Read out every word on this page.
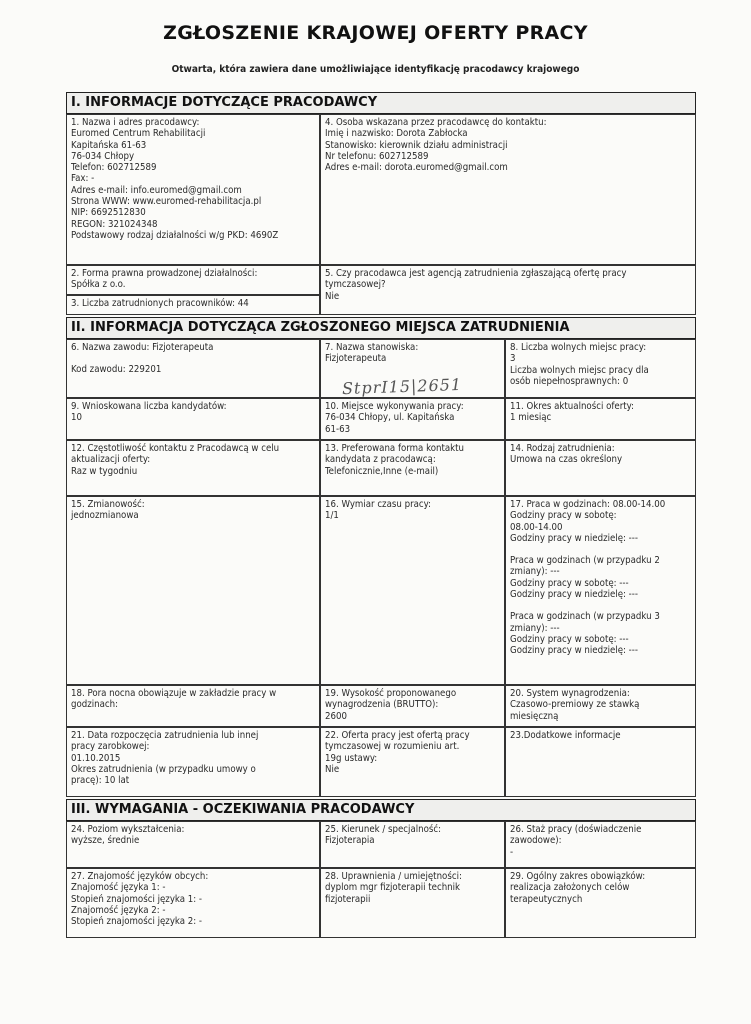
ZGŁOSZENIE KRAJOWEJ OFERTY PRACY
Otwarta, która zawiera dane umożliwiające identyfikację pracodawcy krajowego
I. INFORMACJE DOTYCZĄCE PRACODAWCY
1. Nazwa i adres pracodawcy:
Euromed Centrum Rehabilitacji
Kapitańska 61-63
76-034 Chłopy
Telefon: 602712589
Fax: -
Adres e-mail: info.euromed@gmail.com
Strona WWW: www.euromed-rehabilitacja.pl
NIP: 6692512830
REGON: 321024348
Podstawowy rodzaj działalności w/g PKD: 4690Z
4. Osoba wskazana przez pracodawcę do kontaktu:
Imię i nazwisko: Dorota Zabłocka
Stanowisko: kierownik działu administracji
Nr telefonu: 602712589
Adres e-mail: dorota.euromed@gmail.com
2. Forma prawna prowadzonej działalności:
Spółka z o.o.
3. Liczba zatrudnionych pracowników: 44
5. Czy pracodawca jest agencją zatrudnienia zgłaszającą ofertę pracy
tymczasowej?
Nie
II. INFORMACJA DOTYCZĄCA ZGŁOSZONEGO MIEJSCA ZATRUDNIENIA
6. Nazwa zawodu: Fizjoterapeuta
Kod zawodu: 229201
7. Nazwa stanowiska:
Fizjoterapeuta
8. Liczba wolnych miejsc pracy:
3
Liczba wolnych miejsc pracy dla
osób niepełnosprawnych: 0
9. Wnioskowana liczba kandydatów:
10
10. Miejsce wykonywania pracy:
76-034 Chłopy, ul. Kapitańska
61-63
11. Okres aktualności oferty:
1 miesiąc
12. Częstotliwość kontaktu z Pracodawcą w celu
aktualizacji oferty:
Raz w tygodniu
13. Preferowana forma kontaktu
kandydata z pracodawcą:
Telefonicznie,Inne (e-mail)
14. Rodzaj zatrudnienia:
Umowa na czas określony
15. Zmianowość:
jednozmianowa
16. Wymiar czasu pracy:
1/1
17. Praca w godzinach: 08.00-14.00
Godziny pracy w sobotę:
08.00-14.00
Godziny pracy w niedzielę: ---
Praca w godzinach (w przypadku 2
zmiany): ---
Godziny pracy w sobotę: ---
Godziny pracy w niedzielę: ---
Praca w godzinach (w przypadku 3
zmiany): ---
Godziny pracy w sobotę: ---
Godziny pracy w niedzielę: ---
18. Pora nocna obowiązuje w zakładzie pracy w
godzinach:
19. Wysokość proponowanego
wynagrodzenia (BRUTTO):
2600
20. System wynagrodzenia:
Czasowo-premiowy ze stawką
miesięczną
21. Data rozpoczęcia zatrudnienia lub innej
pracy zarobkowej:
01.10.2015
Okres zatrudnienia (w przypadku umowy o
pracę): 10 lat
22. Oferta pracy jest ofertą pracy
tymczasowej w rozumieniu art.
19g ustawy:
Nie
23.Dodatkowe informacje
III. WYMAGANIA - OCZEKIWANIA PRACODAWCY
24. Poziom wykształcenia:
wyższe, średnie
25. Kierunek / specjalność:
Fizjoterapia
26. Staż pracy (doświadczenie
zawodowe):
-
27. Znajomość języków obcych:
Znajomość języka 1: -
Stopień znajomości języka 1: -
Znajomość języka 2: -
Stopień znajomości języka 2: -
28. Uprawnienia / umiejętności:
dyplom mgr fizjoterapii technik
fizjoterapii
29. Ogólny zakres obowiązków:
realizacja założonych celów
terapeutycznych
StprI15|2651
